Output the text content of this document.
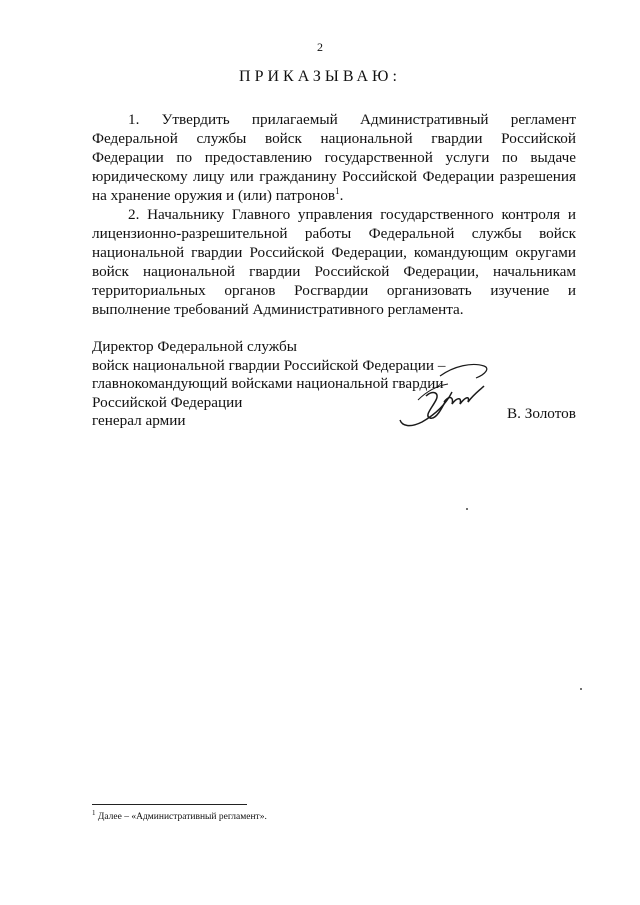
2
ПРИКАЗЫВАЮ:

1. Утвердить прилагаемый Административный регламент Федеральной службы войск национальной гвардии Российской Федерации по предоставлению государственной услуги по выдаче юридическому лицу или гражданину Российской Федерации разрешения на хранение оружия и (или) патронов$^1$.

2. Начальнику Главного управления государственного контроля и лицензионно-разрешительной работы Федеральной службы войск национальной гвардии Российской Федерации, командующим округами войск национальной гвардии Российской Федерации, начальникам территориальных органов Росгвардии организовать изучение и выполнение требований Административного регламента.

Директор Федеральной службы
войск национальной гвардии Российской Федерации –
главнокомандующий войсками национальной гвардии
Российской Федерации
генерал армии	В. Золотов
$^1$ Далее – «Административный регламент».
